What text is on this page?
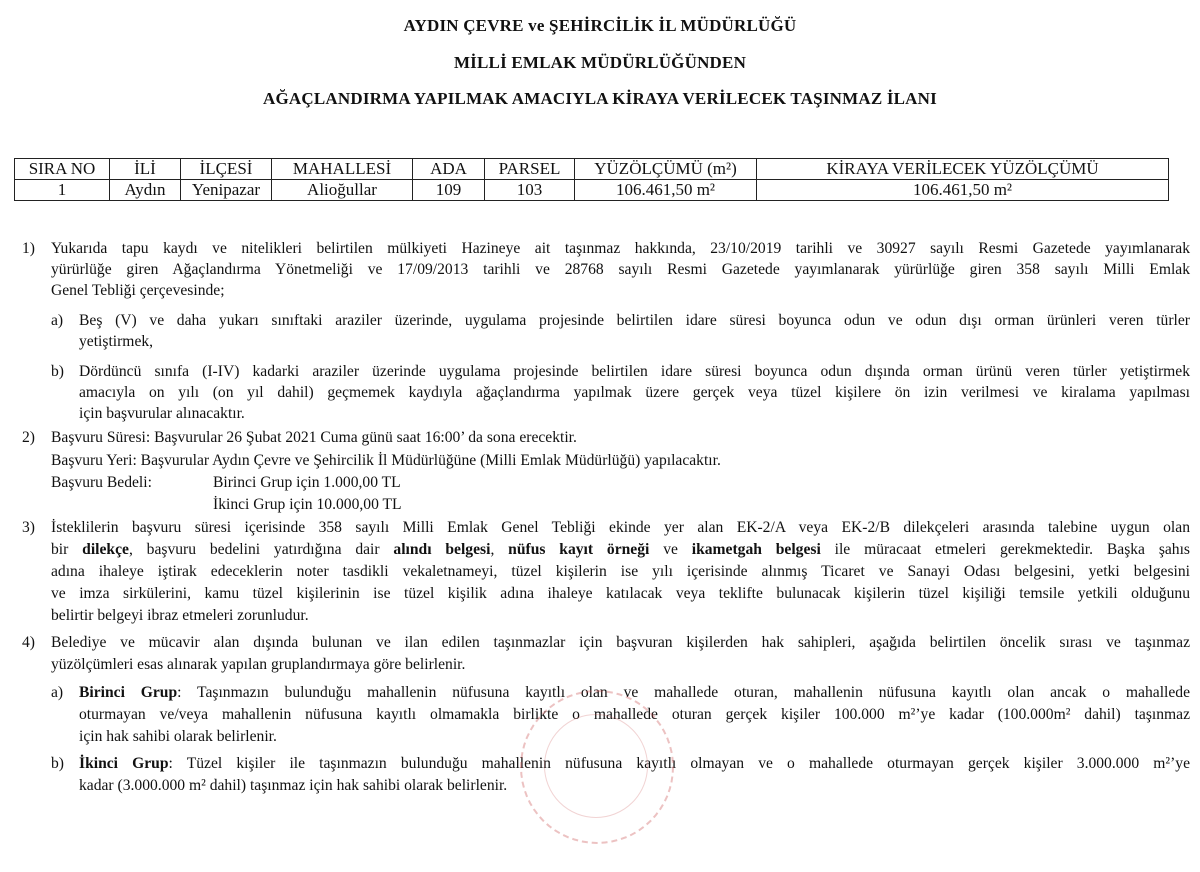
AYDIN ÇEVRE ve ŞEHİRCİLİK İL MÜDÜRLÜĞÜ
MİLLİ EMLAK MÜDÜRLÜĞÜNDEN
AĞAÇLANDIRMA YAPILMAK AMACIYLA KİRAYA VERİLECEK TAŞINMAZ İLANI
SIRA NO	İLİ	İLÇESİ	MAHALLESİ	ADA	PARSEL	YÜZÖLÇÜMÜ (m²)	KİRAYA VERİLECEK YÜZÖLÇÜMÜ
1	Aydın	Yenipazar	Alioğullar	109	103	106.461,50 m²	106.461,50 m²
1) Yukarıda tapu kaydı ve nitelikleri belirtilen mülkiyeti Hazineye ait taşınmaz hakkında, 23/10/2019 tarihli ve 30927 sayılı Resmi Gazetede yayımlanarak
yürürlüğe giren Ağaçlandırma Yönetmeliği ve 17/09/2013 tarihli ve 28768 sayılı Resmi Gazetede yayımlanarak yürürlüğe giren 358 sayılı Milli Emlak
Genel Tebliği çerçevesinde;
a) Beş (V) ve daha yukarı sınıftaki araziler üzerinde, uygulama projesinde belirtilen idare süresi boyunca odun ve odun dışı orman ürünleri veren türler
yetiştirmek,
b) Dördüncü sınıfa (I-IV) kadarki araziler üzerinde uygulama projesinde belirtilen idare süresi boyunca odun dışında orman ürünü veren türler yetiştirmek
amacıyla on yılı (on yıl dahil) geçmemek kaydıyla ağaçlandırma yapılmak üzere gerçek veya tüzel kişilere ön izin verilmesi ve kiralama yapılması
için başvurular alınacaktır.
2) Başvuru Süresi: Başvurular 26 Şubat 2021 Cuma günü saat 16:00’ da sona erecektir.
Başvuru Yeri: Başvurular Aydın Çevre ve Şehircilik İl Müdürlüğüne (Milli Emlak Müdürlüğü) yapılacaktır.
Başvuru Bedeli:	Birinci Grup için 1.000,00 TL
İkinci Grup için 10.000,00 TL
3) İsteklilerin başvuru süresi içerisinde 358 sayılı Milli Emlak Genel Tebliği ekinde yer alan EK-2/A veya EK-2/B dilekçeleri arasında talebine uygun olan
bir dilekçe, başvuru bedelini yatırdığına dair alındı belgesi, nüfus kayıt örneği ve ikametgah belgesi ile müracaat etmeleri gerekmektedir. Başka şahıs
adına ihaleye iştirak edeceklerin noter tasdikli vekaletnameyi, tüzel kişilerin ise yılı içerisinde alınmış Ticaret ve Sanayi Odası belgesini, yetki belgesini
ve imza sirkülerini, kamu tüzel kişilerinin ise tüzel kişilik adına ihaleye katılacak veya teklifte bulunacak kişilerin tüzel kişiliği temsile yetkili olduğunu
belirtir belgeyi ibraz etmeleri zorunludur.
4) Belediye ve mücavir alan dışında bulunan ve ilan edilen taşınmazlar için başvuran kişilerden hak sahipleri, aşağıda belirtilen öncelik sırası ve taşınmaz
yüzölçümleri esas alınarak yapılan gruplandırmaya göre belirlenir.
a) Birinci Grup: Taşınmazın bulunduğu mahallenin nüfusuna kayıtlı olan ve mahallede oturan, mahallenin nüfusuna kayıtlı olan ancak o mahallede
oturmayan ve/veya mahallenin nüfusuna kayıtlı olmamakla birlikte o mahallede oturan gerçek kişiler 100.000 m²’ye kadar (100.000m² dahil) taşınmaz
için hak sahibi olarak belirlenir.
b) İkinci Grup: Tüzel kişiler ile taşınmazın bulunduğu mahallenin nüfusuna kayıtlı olmayan ve o mahallede oturmayan gerçek kişiler 3.000.000 m²’ye
kadar (3.000.000 m² dahil) taşınmaz için hak sahibi olarak belirlenir.
